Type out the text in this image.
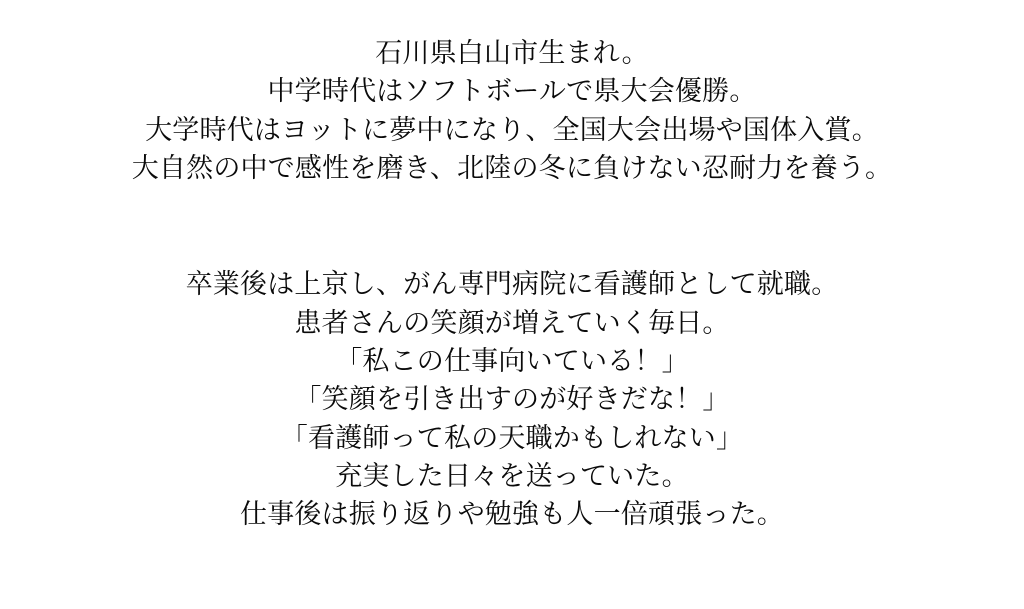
石川県白山市生まれ。
中学時代はソフトボールで県大会優勝。
大学時代はヨットに夢中になり、全国大会出場や国体入賞。
大自然の中で感性を磨き、北陸の冬に負けない忍耐力を養う。
卒業後は上京し、がん専門病院に看護師として就職。
患者さんの笑顔が増えていく毎日。
「私この仕事向いている！」
「笑顔を引き出すのが好きだな！」
「看護師って私の天職かもしれない」
充実した日々を送っていた。
仕事後は振り返りや勉強も人一倍頑張った。
